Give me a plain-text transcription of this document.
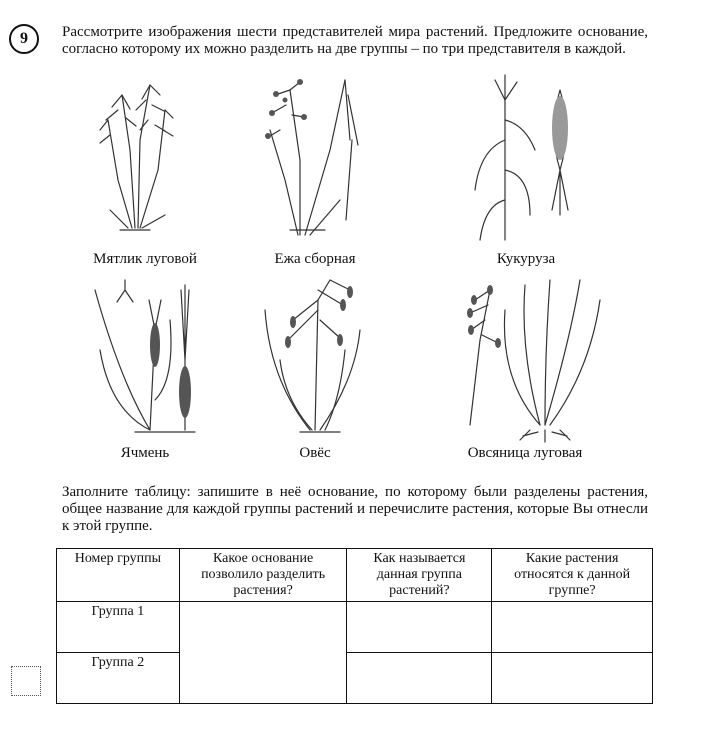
9	Рассмотрите изображения шести представителей мира растений. Предложите основание, согласно которому их можно разделить на две группы – по три представителя в каждой.

Мятлик луговой	Ежа сборная	Кукуруза
Ячмень	Овёс	Овсяница луговая

Заполните таблицу: запишите в неё основание, по которому были разделены растения, общее название для каждой группы растений и перечислите растения, которые Вы отнесли к этой группе.

Номер группы	Какое основание позволило разделить растения?	Как называется данная группа растений?	Какие растения относятся к данной группе?
Группа 1			
Группа 2			
